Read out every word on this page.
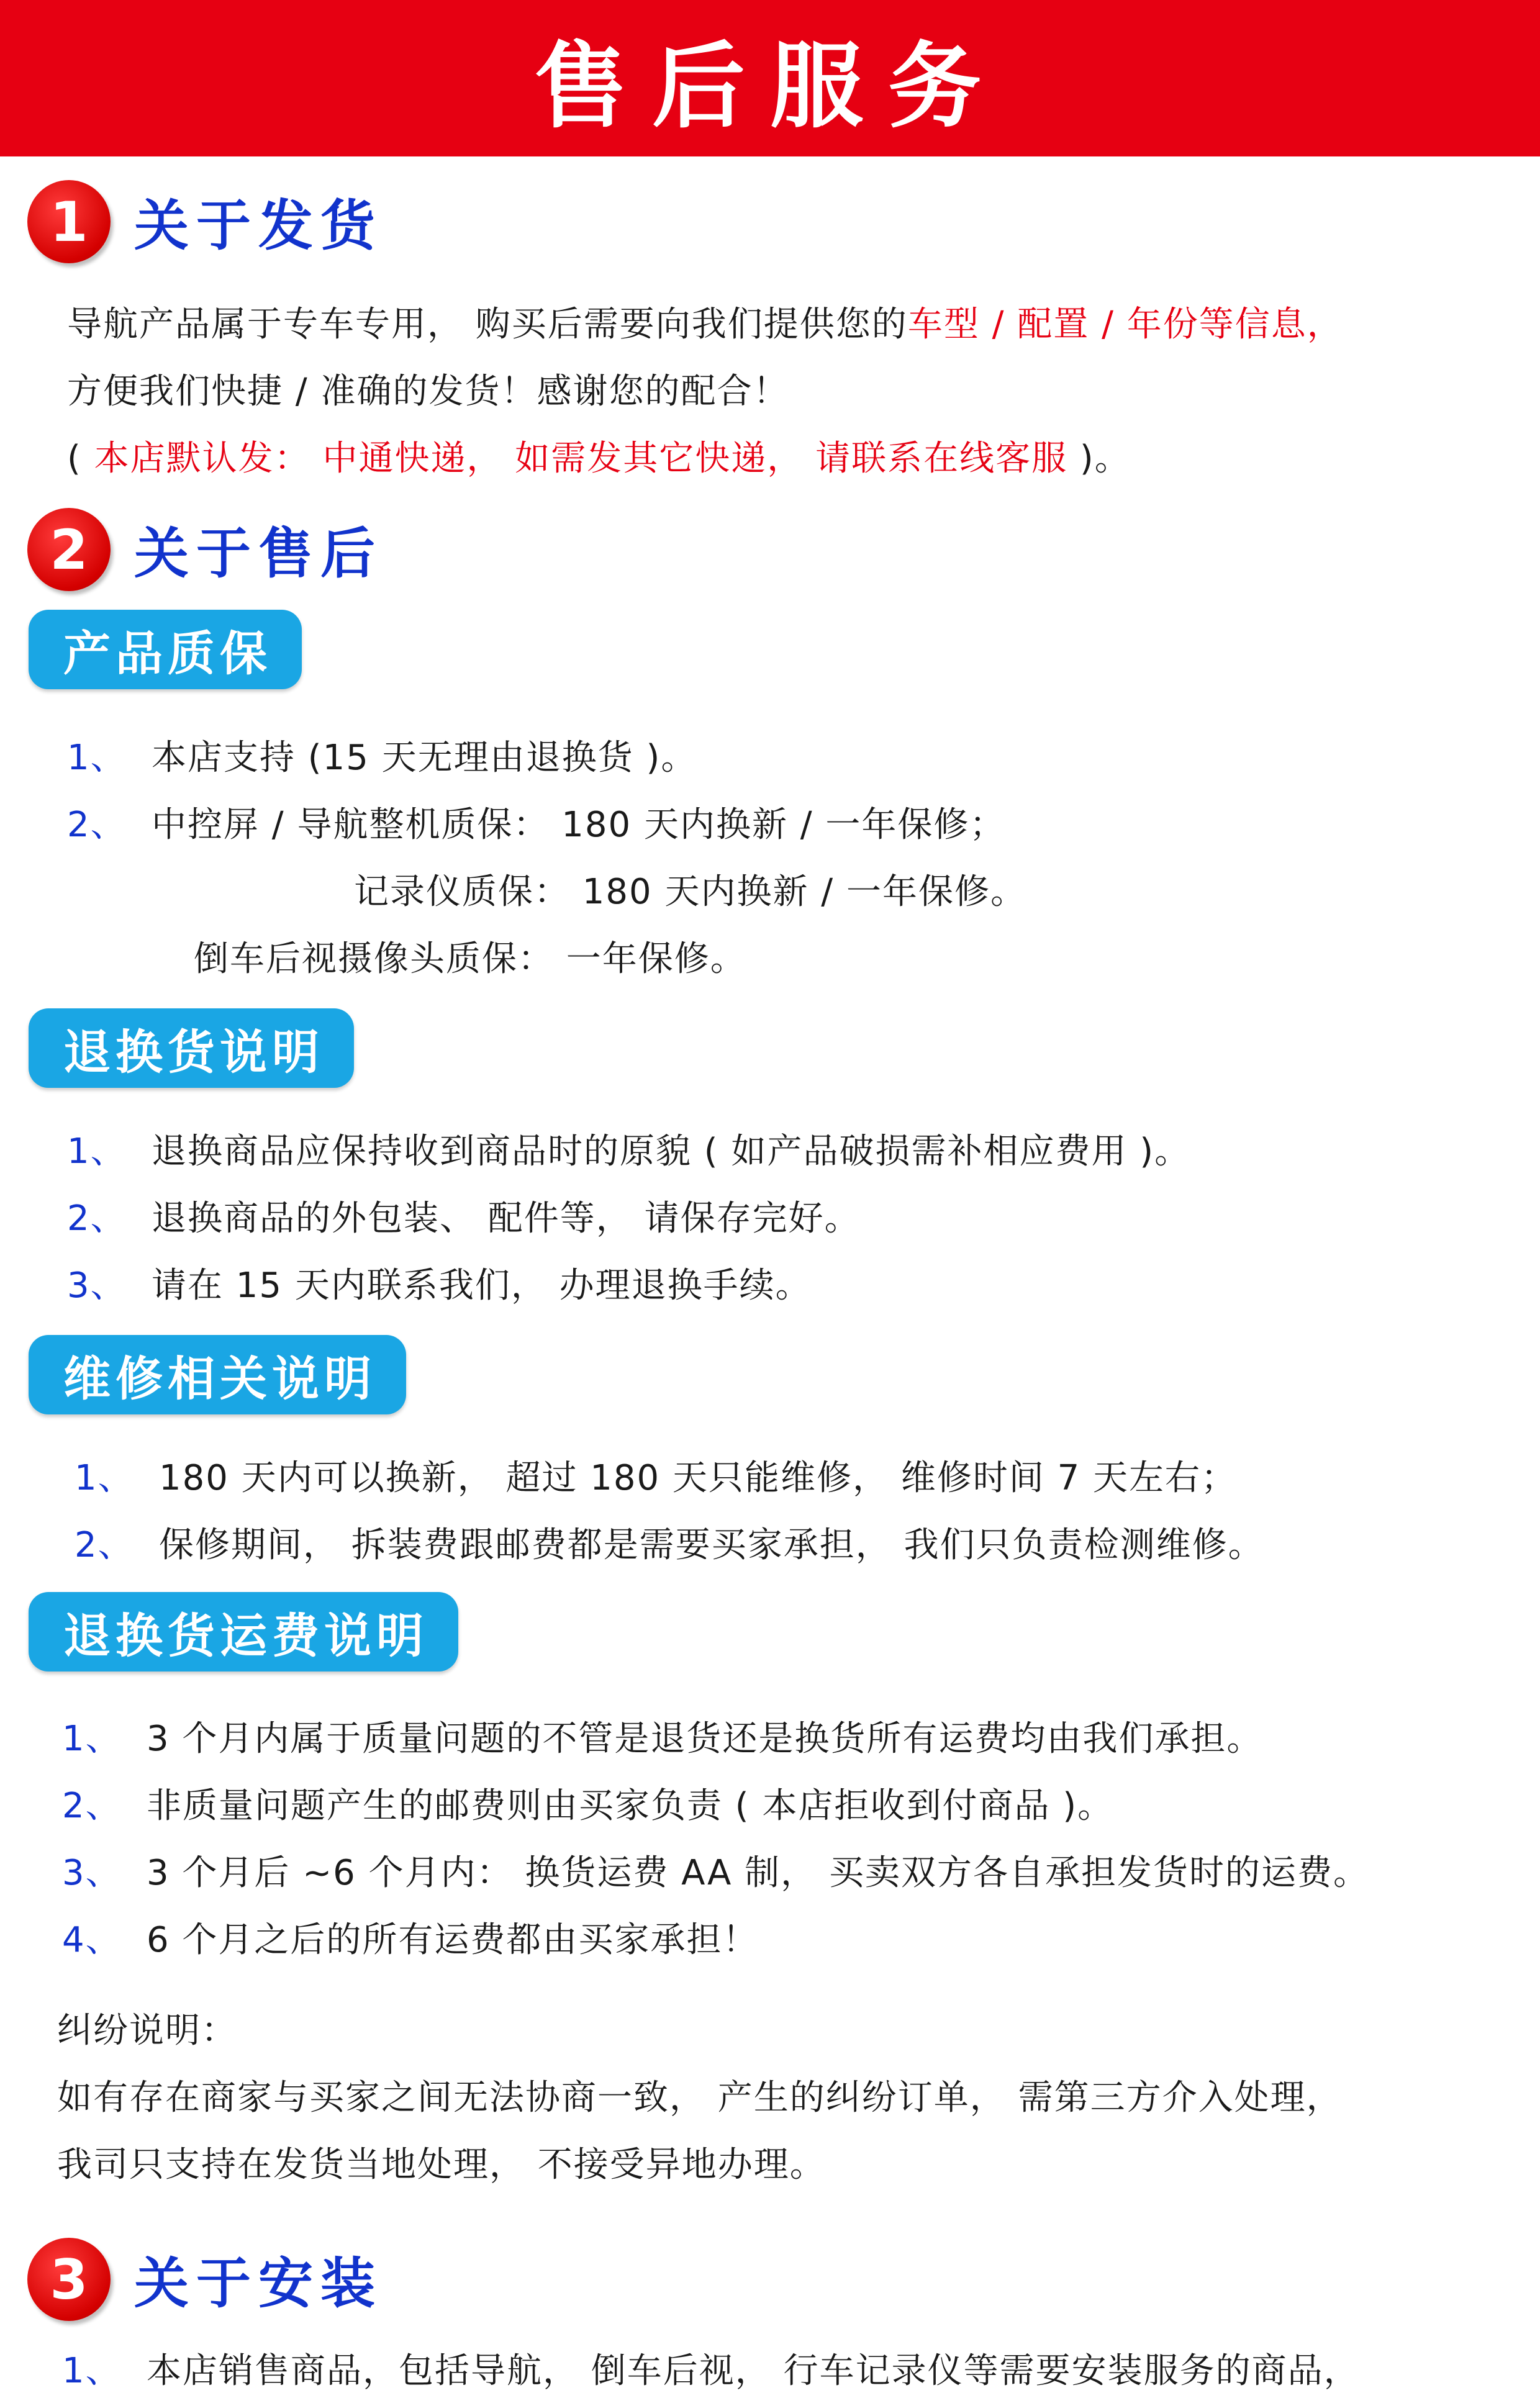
售后服务
1 关于发货
导航产品属于专车专用， 购买后需要向我们提供您的车型 / 配置 / 年份等信息，
方便我们快捷 / 准确的发货！感谢您的配合！
( 本店默认发： 中通快递， 如需发其它快递， 请联系在线客服 )。
2 关于售后
产品质保
1、 本店支持 (15 天无理由退换货 )。
2、 中控屏 / 导航整机质保： 180 天内换新 / 一年保修；
记录仪质保： 180 天内换新 / 一年保修。
倒车后视摄像头质保： 一年保修。
退换货说明
1、 退换商品应保持收到商品时的原貌 ( 如产品破损需补相应费用 )。
2、 退换商品的外包装、 配件等， 请保存完好。
3、 请在 15 天内联系我们， 办理退换手续。
维修相关说明
1、 180 天内可以换新， 超过 180 天只能维修， 维修时间 7 天左右；
2、 保修期间， 拆装费跟邮费都是需要买家承担， 我们只负责检测维修。
退换货运费说明
1、 3 个月内属于质量问题的不管是退货还是换货所有运费均由我们承担。
2、 非质量问题产生的邮费则由买家负责 ( 本店拒收到付商品 )。
3、 3 个月后 ~6 个月内： 换货运费 AA 制， 买卖双方各自承担发货时的运费。
4、 6 个月之后的所有运费都由买家承担！
纠纷说明：
如有存在商家与买家之间无法协商一致， 产生的纠纷订单， 需第三方介入处理，
我司只支持在发货当地处理， 不接受异地办理。
3 关于安装
1、 本店销售商品，包括导航， 倒车后视， 行车记录仪等需要安装服务的商品，
